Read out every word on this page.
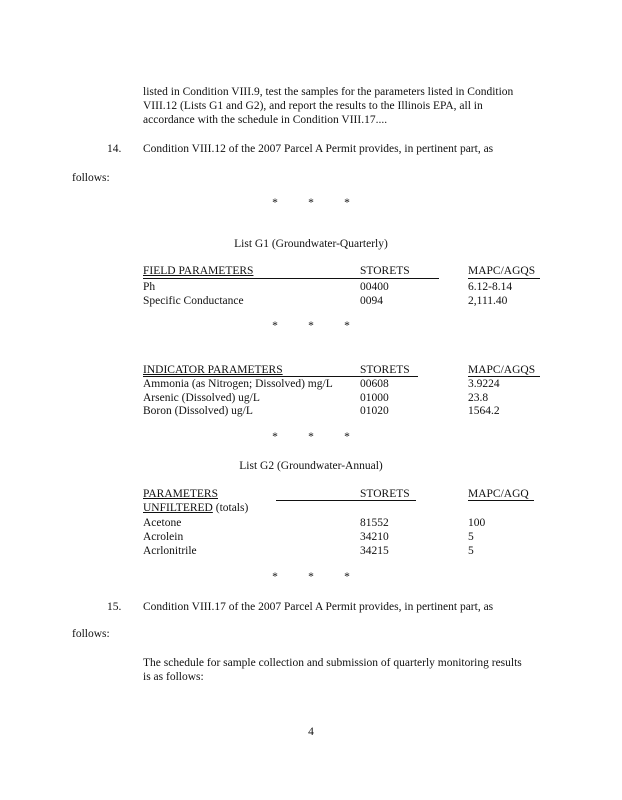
listed in Condition VIII.9, test the samples for the parameters listed in Condition
VIII.12 (Lists G1 and G2), and report the results to the Illinois EPA, all in
accordance with the schedule in Condition VIII.17....
14. Condition VIII.12 of the 2007 Parcel A Permit provides, in pertinent part, as
follows:
*	*	*
List G1 (Groundwater-Quarterly)
FIELD PARAMETERS	STORETS	MAPC/AGQS
Ph	00400	6.12-8.14
Specific Conductance	0094	2,111.40
*	*	*
INDICATOR PARAMETERS	STORETS	MAPC/AGQS
Ammonia (as Nitrogen; Dissolved) mg/L 00608	3.9224
Arsenic (Dissolved) ug/L	01000	23.8
Boron (Dissolved) ug/L	01020	1564.2
*	*	*
List G2 (Groundwater-Annual)
PARAMETERS	STORETS	MAPC/AGQ
UNFILTERED (totals)
Acetone	81552	100
Acrolein	34210	5
Acrlonitrile	34215	5
*	*	*
15. Condition VIII.17 of the 2007 Parcel A Permit provides, in pertinent part, as
follows:
The schedule for sample collection and submission of quarterly monitoring results
is as follows:
4
